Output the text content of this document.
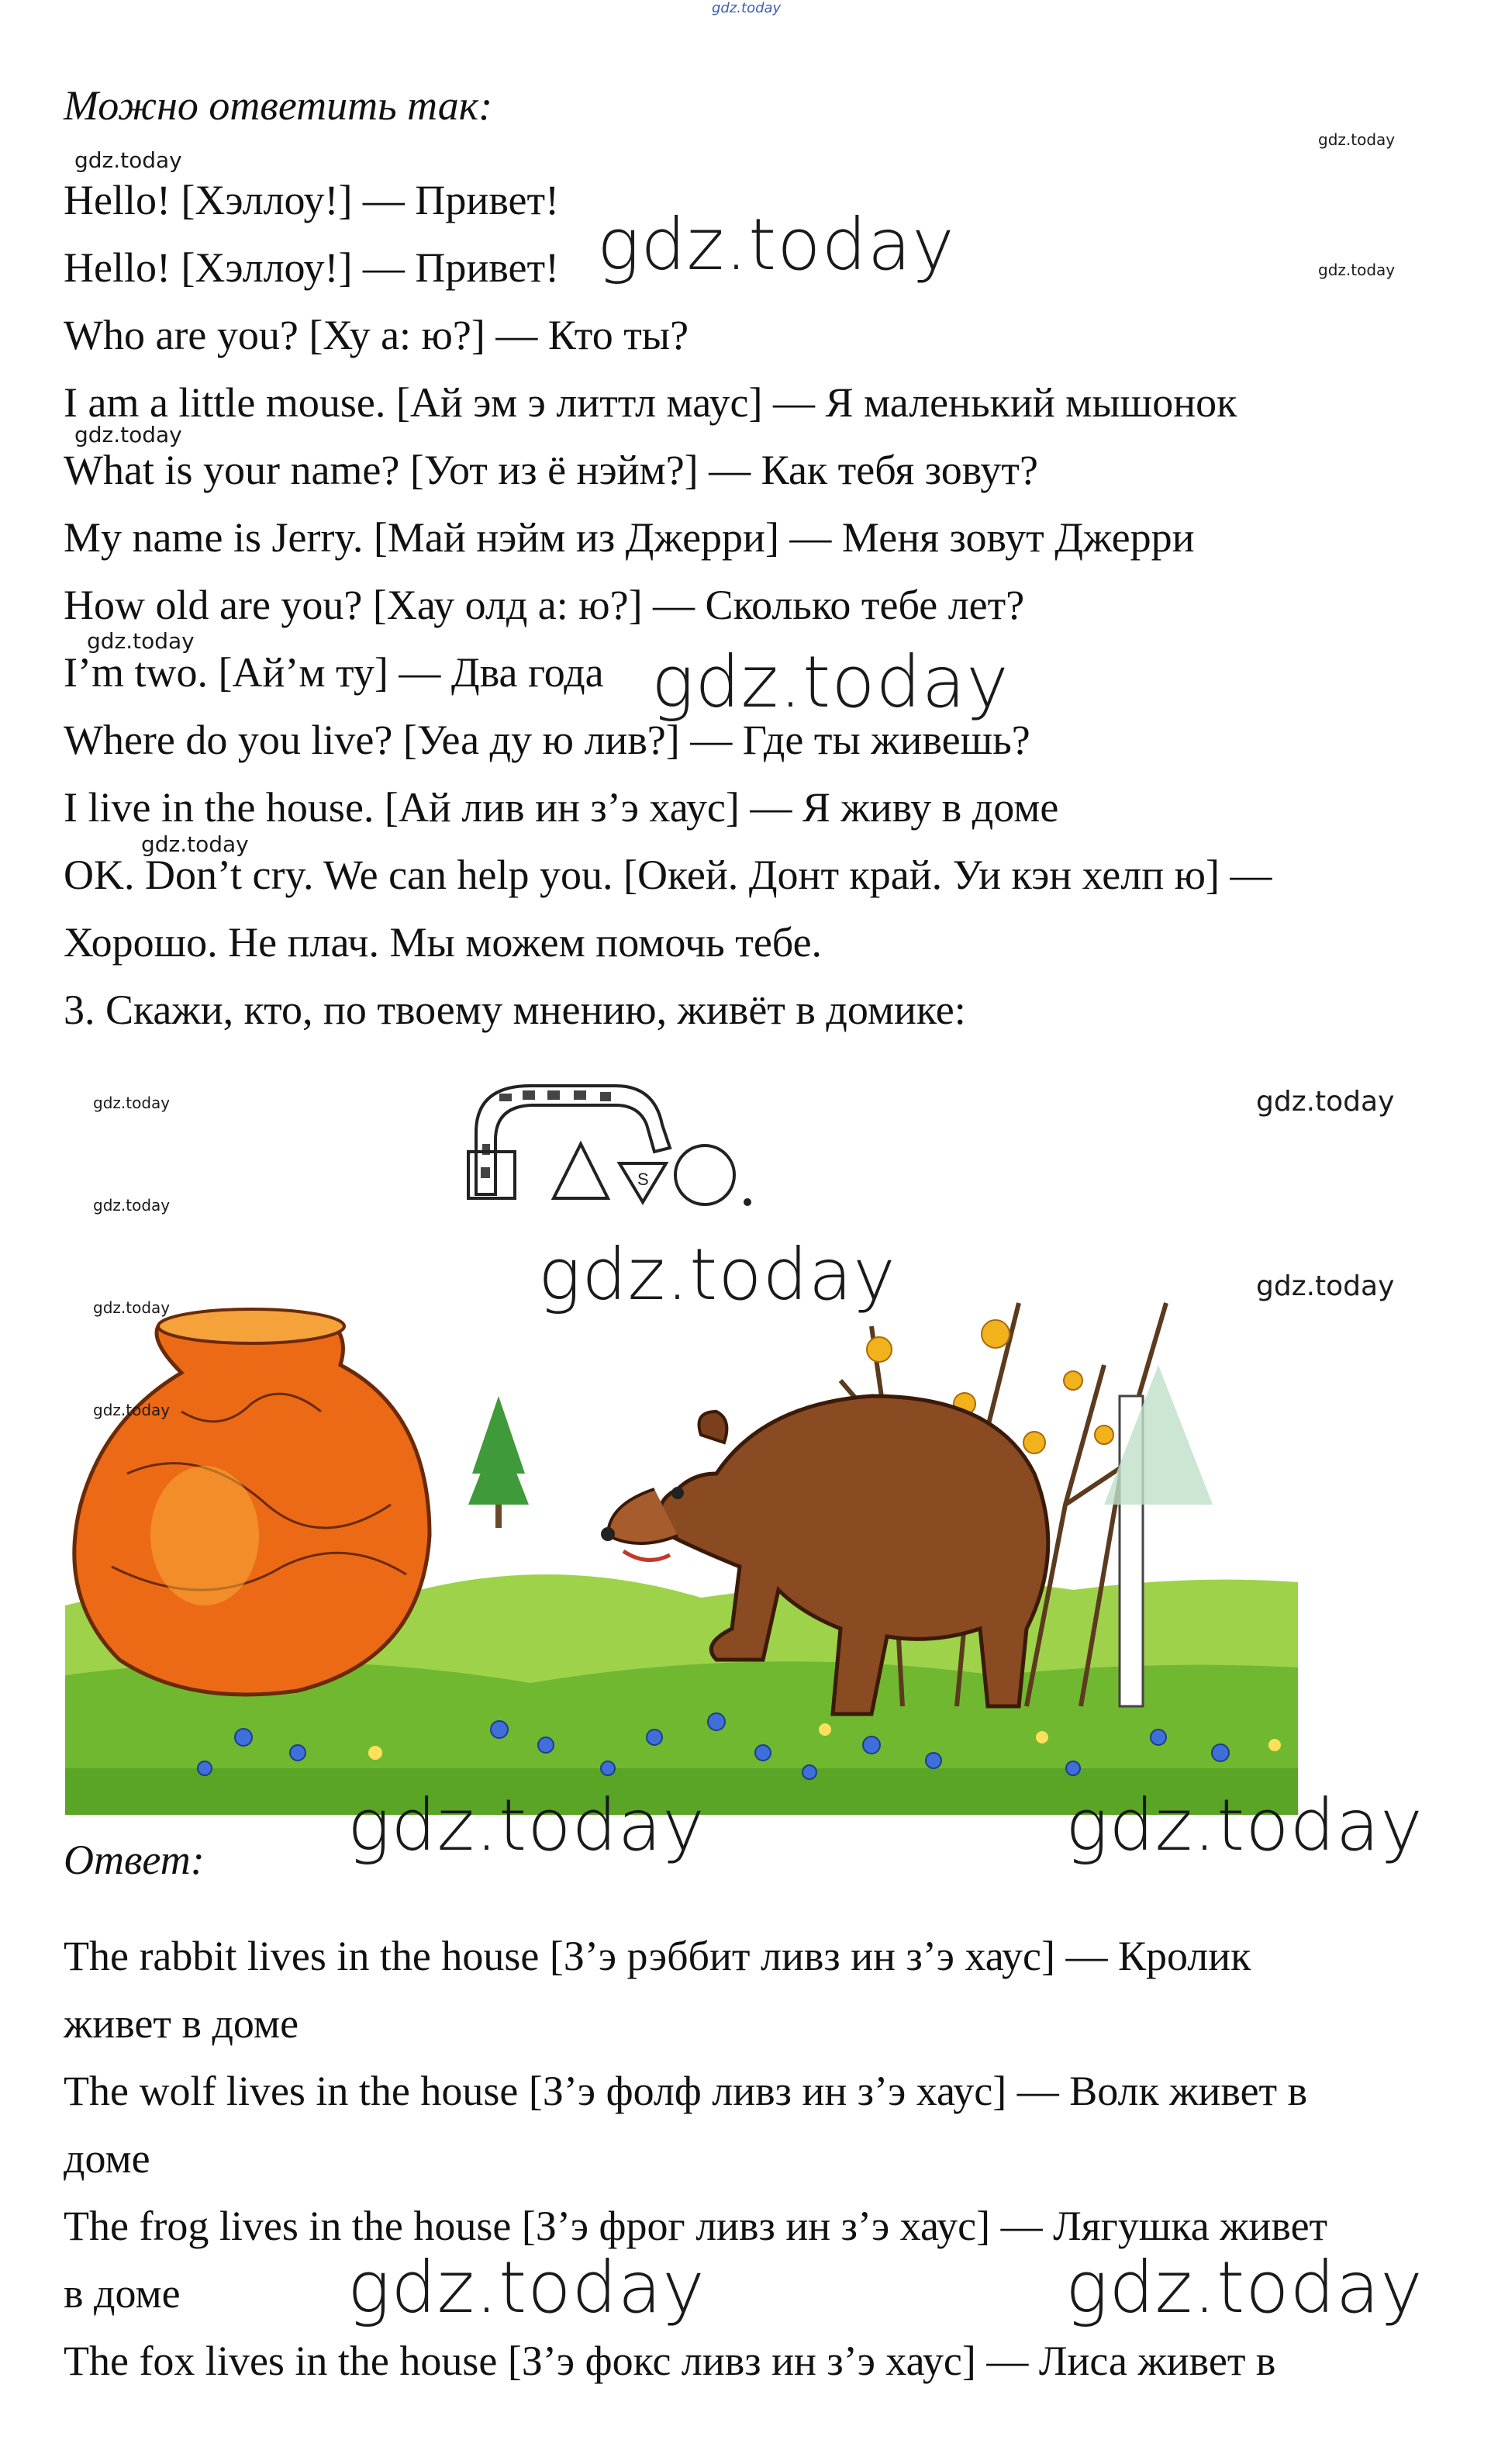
gdz.today
Можно ответить так:
Hello! [Хэллоу!] — Привет!
Hello! [Хэллоу!] — Привет!
Who are you? [Ху а: ю?] — Кто ты?
I am a little mouse. [Ай эм э литтл маус] — Я маленький мышонок
What is your name? [Уот из ё нэйм?] — Как тебя зовут?
My name is Jerry. [Май нэйм из Джерри] — Меня зовут Джерри
How old are you? [Хау олд а: ю?] — Сколько тебе лет?
I’m two. [Ай’м ту] — Два года
Where do you live? [Уеа ду ю лив?] — Где ты живешь?
I live in the house. [Ай лив ин з’э хаус] — Я живу в доме
OK. Don’t cry. We can help you. [Окей. Донт край. Уи кэн хелп ю] —
Хорошо. Не плач. Мы можем помочь тебе.
3. Скажи, кто, по твоему мнению, живёт в домике:
S
Ответ:
The rabbit lives in the house [З’э рэббит ливз ин з’э хаус] — Кролик
живет в доме
The wolf lives in the house [З’э фолф ливз ин з’э хаус] — Волк живет в
доме
The frog lives in the house [З’э фрог ливз ин з’э хаус] — Лягушка живет
в доме
The fox lives in the house [З’э фокс ливз ин з’э хаус] — Лиса живет в
gdz.today
gdz.today
gdz.today	gdz.today
gdz.today
gdz.today	gdz.today
gdz.today
gdz.today	gdz.today
gdz.today
gdz.today	gdz.today
gdz.today
gdz.today
gdz.today	gdz.today
gdz.today	gdz.today
